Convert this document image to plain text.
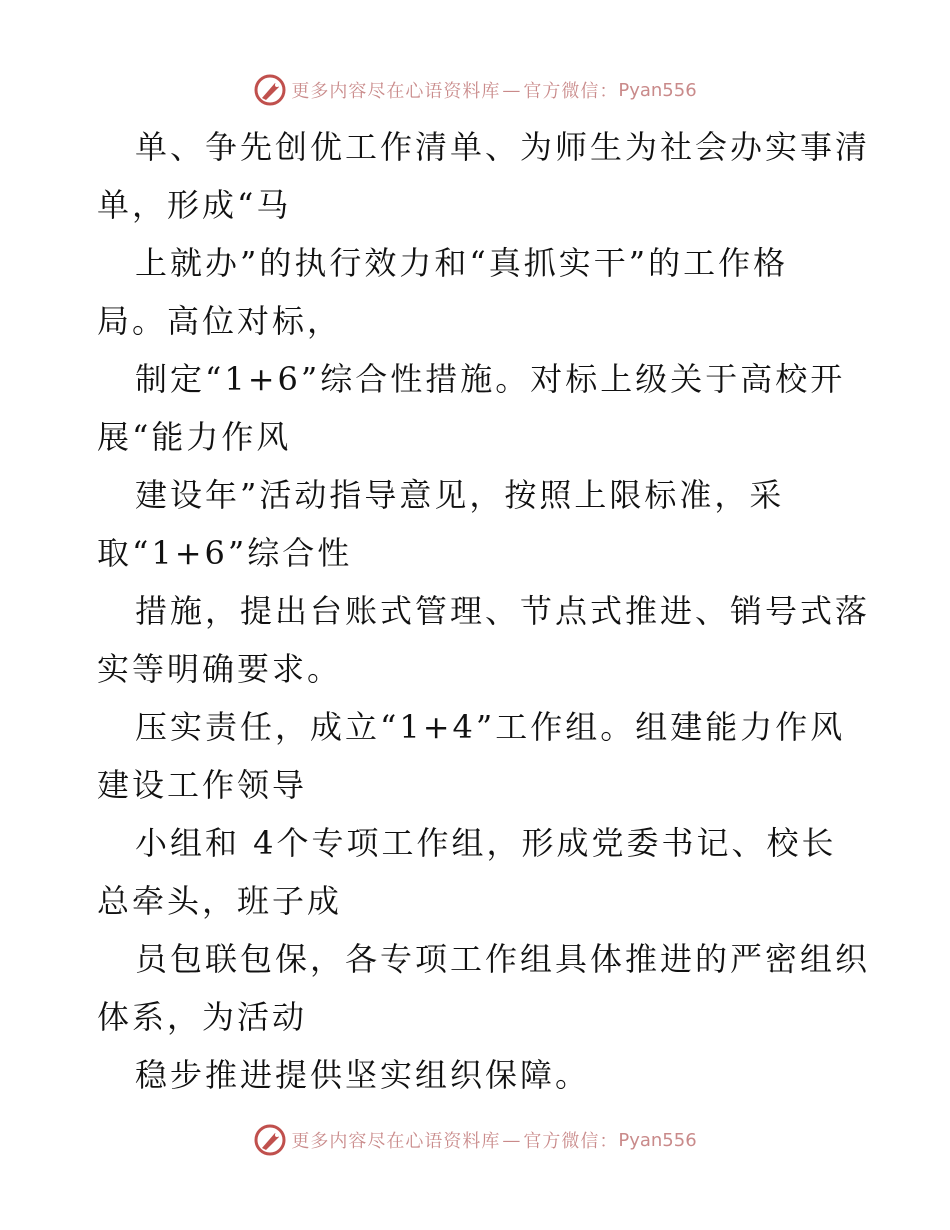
更多内容尽在心语资料库 — 官方微信： Pyan556
单、争先创优工作清单、为师生为社会办实事清
单，形成“马
上就办”的执行效力和“真抓实干”的工作格
局。高位对标，
制定“1+6”综合性措施。对标上级关于高校开
展“能力作风
建设年”活动指导意见，按照上限标准，采
取“1+6”综合性
措施，提出台账式管理、节点式推进、销号式落
实等明确要求。
压实责任，成立“1+4”工作组。组建能力作风
建设工作领导
小组和 4个专项工作组，形成党委书记、校长
总牵头，班子成
员包联包保，各专项工作组具体推进的严密组织
体系，为活动
稳步推进提供坚实组织保障。
更多内容尽在心语资料库 — 官方微信： Pyan556
